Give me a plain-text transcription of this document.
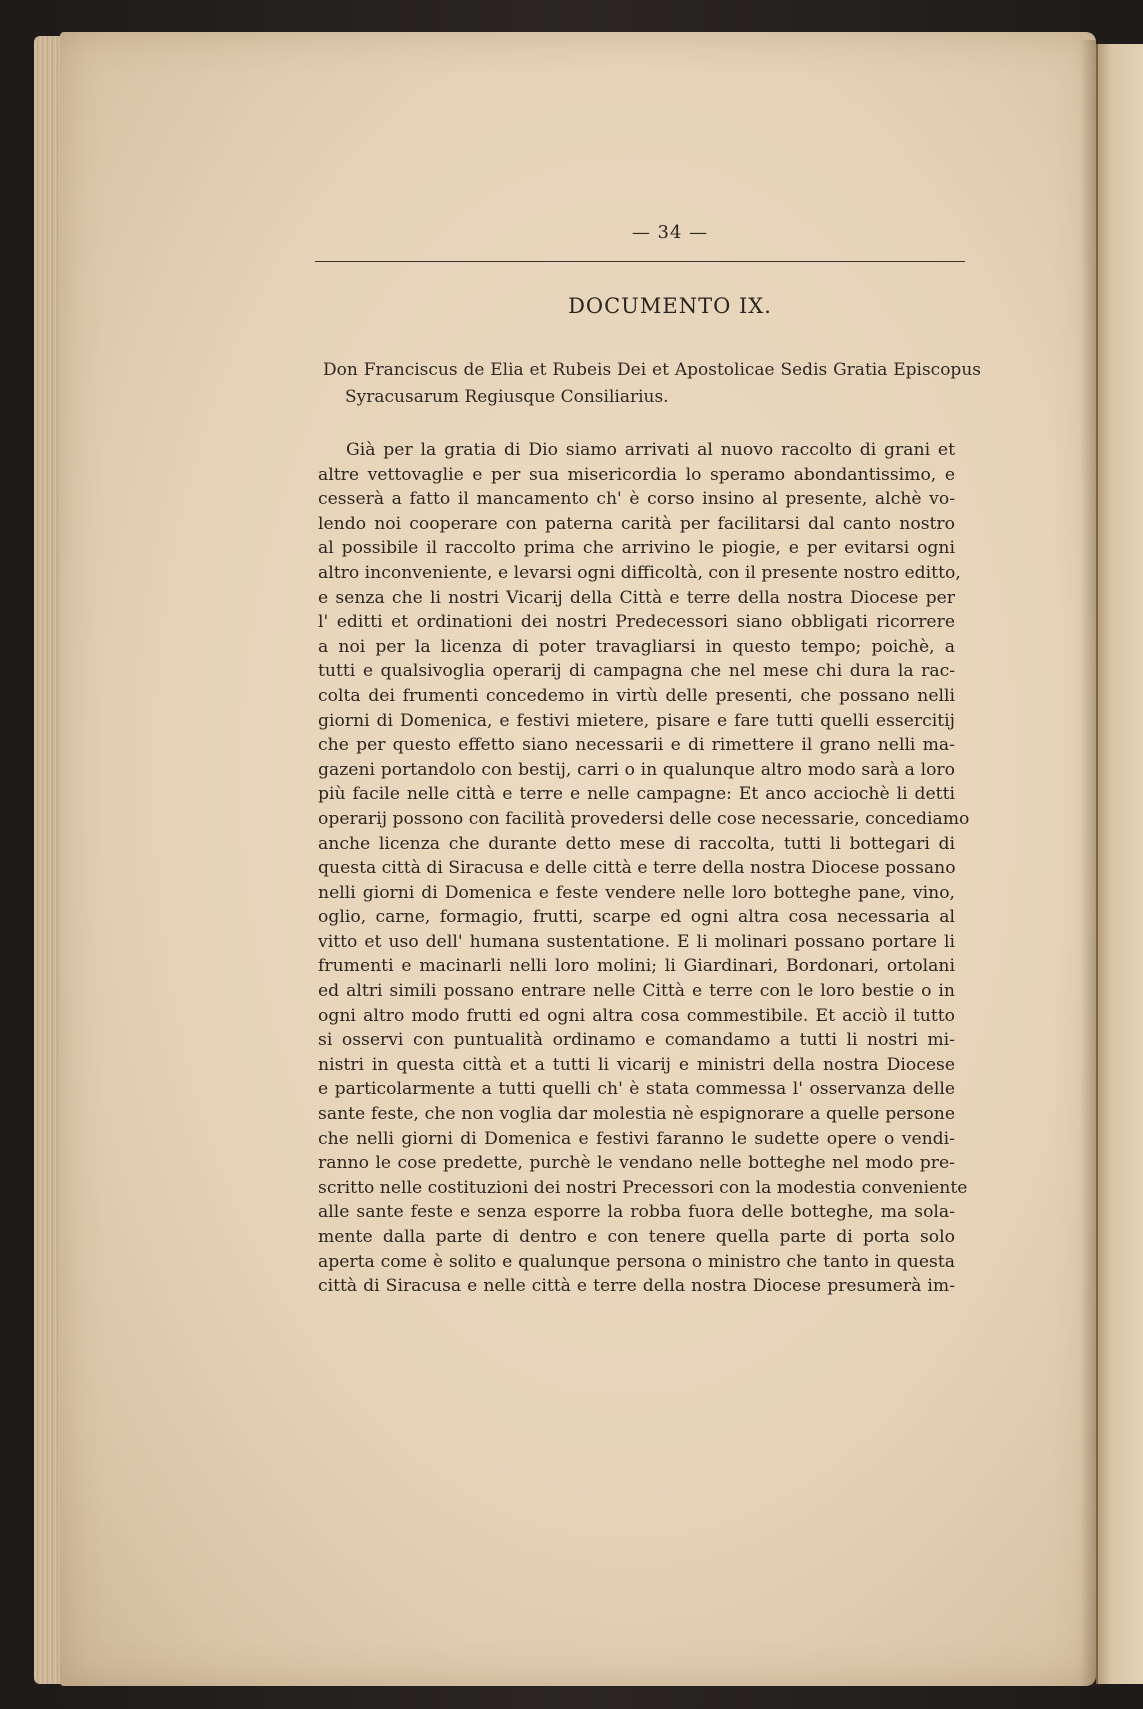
— 34 —
DOCUMENTO IX.
Don Franciscus de Elia et Rubeis Dei et Apostolicae Sedis Gratia Episcopus Syracusarum Regiusque Consiliarius.
Già per la gratia di Dio siamo arrivati al nuovo raccolto di grani et
altre vettovaglie e per sua misericordia lo speramo abondantissimo, e
cesserà a fatto il mancamento ch' è corso insino al presente, alchè vo-
lendo noi cooperare con paterna carità per facilitarsi dal canto nostro
al possibile il raccolto prima che arrivino le piogie, e per evitarsi ogni
altro inconveniente, e levarsi ogni difficoltà, con il presente nostro editto,
e senza che li nostri Vicarij della Città e terre della nostra Diocese per
l' editti et ordinationi dei nostri Predecessori siano obbligati ricorrere
a noi per la licenza di poter travagliarsi in questo tempo; poichè, a
tutti e qualsivoglia operarij di campagna che nel mese chi dura la rac-
colta dei frumenti concedemo in virtù delle presenti, che possano nelli
giorni di Domenica, e festivi mietere, pisare e fare tutti quelli essercitij
che per questo effetto siano necessarii e di rimettere il grano nelli ma-
gazeni portandolo con bestij, carri o in qualunque altro modo sarà a loro
più facile nelle città e terre e nelle campagne: Et anco acciochè li detti
operarij possono con facilità provedersi delle cose necessarie, concediamo
anche licenza che durante detto mese di raccolta, tutti li bottegari di
questa città di Siracusa e delle città e terre della nostra Diocese possano
nelli giorni di Domenica e feste vendere nelle loro botteghe pane, vino,
oglio, carne, formagio, frutti, scarpe ed ogni altra cosa necessaria al
vitto et uso dell' humana sustentatione. E li molinari possano portare li
frumenti e macinarli nelli loro molini; li Giardinari, Bordonari, ortolani
ed altri simili possano entrare nelle Città e terre con le loro bestie o in
ogni altro modo frutti ed ogni altra cosa commestibile. Et acciò il tutto
si osservi con puntualità ordinamo e comandamo a tutti li nostri mi-
nistri in questa città et a tutti li vicarij e ministri della nostra Diocese
e particolarmente a tutti quelli ch' è stata commessa l' osservanza delle
sante feste, che non voglia dar molestia nè espignorare a quelle persone
che nelli giorni di Domenica e festivi faranno le sudette opere o vendi-
ranno le cose predette, purchè le vendano nelle botteghe nel modo pre-
scritto nelle costituzioni dei nostri Precessori con la modestia conveniente
alle sante feste e senza esporre la robba fuora delle botteghe, ma sola-
mente dalla parte di dentro e con tenere quella parte di porta solo
aperta come è solito e qualunque persona o ministro che tanto in questa
città di Siracusa e nelle città e terre della nostra Diocese presumerà im-
